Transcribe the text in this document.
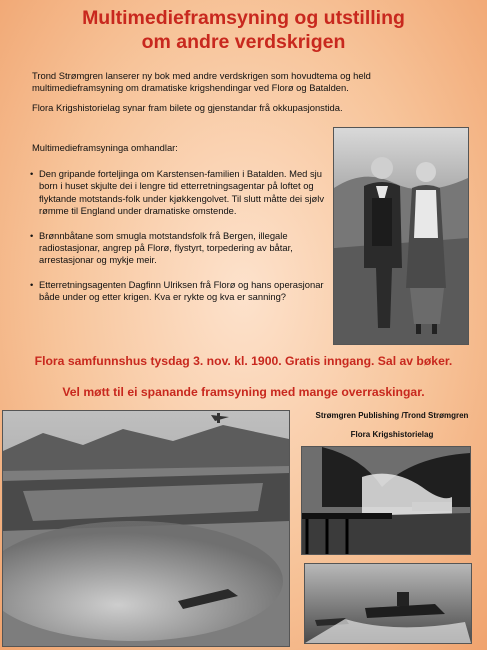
Multimedieframsyning og utstilling
om andre verdskrigen

Trond Strømgren lanserer ny bok med andre verdskrigen som hovudtema og held multimedieframsyning om dramatiske krigshendingar ved Florø og Batalden.

Flora Krigshistorielag synar fram bilete og gjenstandar frå okkupasjonstida.

Multimedieframsyninga omhandlar:
• Den gripande forteljinga om Karstensen-familien i Batalden. Med sju born i huset skjulte dei i lengre tid etterretningsagentar på loftet og flyktande motstands-folk under kjøkkengolvet. Til slutt måtte dei sjølv rømme til England under dramatiske omstende.
• Brønnbåtane som smugla motstandsfolk frå Bergen, illegale radiostasjonar, angrep på Florø, flystyrt, torpedering av båtar, arrestasjonar og mykje meir.
• Etterretningsagenten Dagfinn Ulriksen frå Florø og hans operasjonar både under og etter krigen. Kva er rykte og kva er sanning?
Flora samfunnshus tysdag 3. nov. kl. 1900. Gratis inngang. Sal av bøker.
Vel møtt til ei spanande framsyning med mange overraskingar.
Strømgren Publishing /Trond Strømgren
Flora Krigshistorielag
